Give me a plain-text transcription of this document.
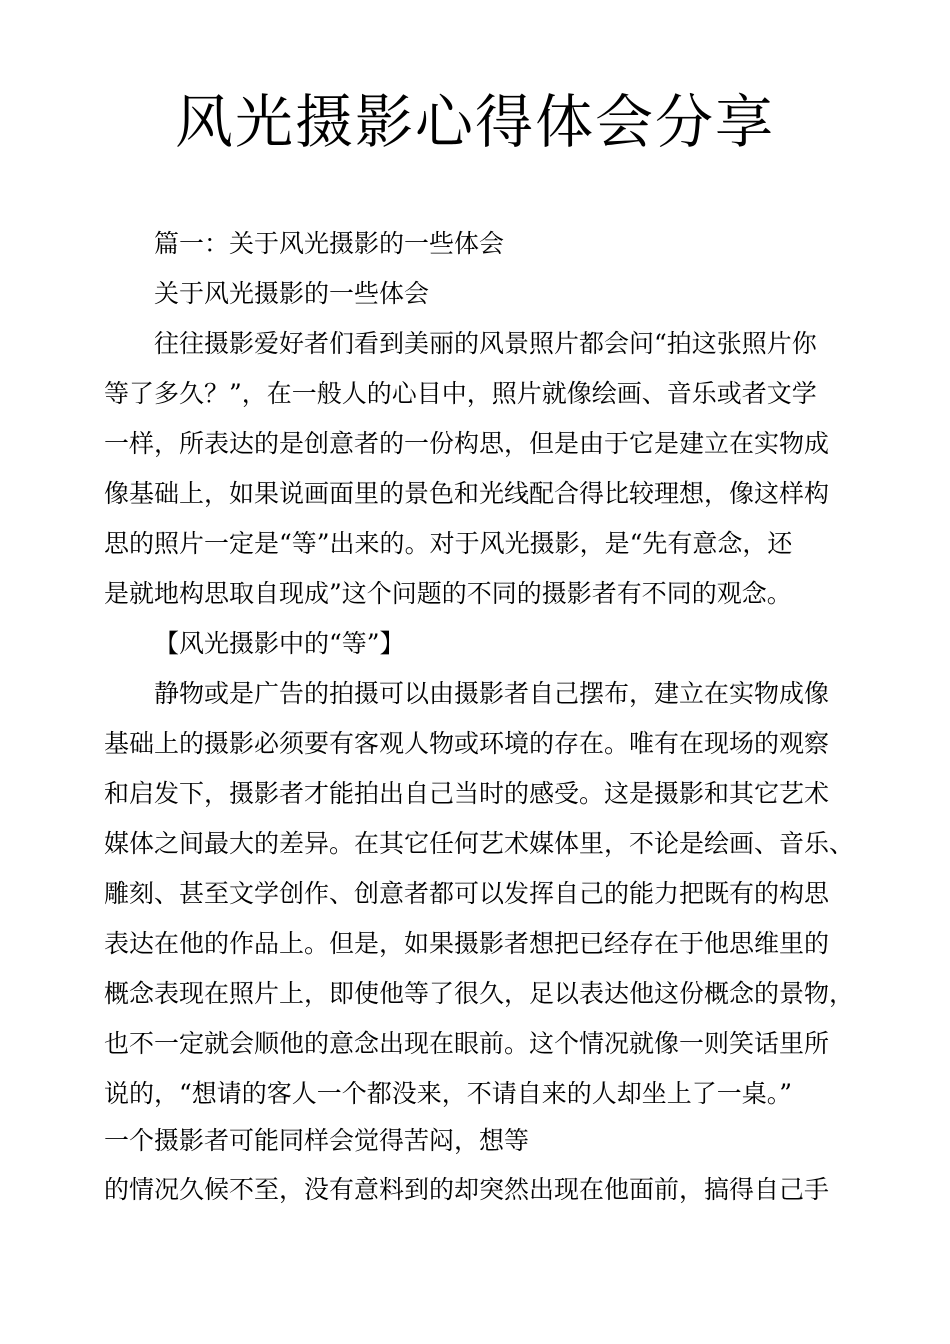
风光摄影心得体会分享

篇一：关于风光摄影的一些体会

关于风光摄影的一些体会

往往摄影爱好者们看到美丽的风景照片都会问“拍这张照片你

等了多久？”，在一般人的心目中，照片就像绘画、音乐或者文学

一样，所表达的是创意者的一份构思，但是由于它是建立在实物成

像基础上，如果说画面里的景色和光线配合得比较理想，像这样构

思的照片一定是“等”出来的。对于风光摄影，是“先有意念，还

是就地构思取自现成”这个问题的不同的摄影者有不同的观念。

【风光摄影中的“等”】

静物或是广告的拍摄可以由摄影者自己摆布，建立在实物成像

基础上的摄影必须要有客观人物或环境的存在。唯有在现场的观察

和启发下，摄影者才能拍出自己当时的感受。这是摄影和其它艺术

媒体之间最大的差异。在其它任何艺术媒体里，不论是绘画、音乐、

雕刻、甚至文学创作、创意者都可以发挥自己的能力把既有的构思

表达在他的作品上。但是，如果摄影者想把已经存在于他思维里的

概念表现在照片上，即使他等了很久，足以表达他这份概念的景物，

也不一定就会顺他的意念出现在眼前。这个情况就像一则笑话里所

说的，“想请的客人一个都没来，不请自来的人却坐上了一桌。”

一个摄影者可能同样会觉得苦闷，想等

的情况久候不至，没有意料到的却突然出现在他面前，搞得自己手
